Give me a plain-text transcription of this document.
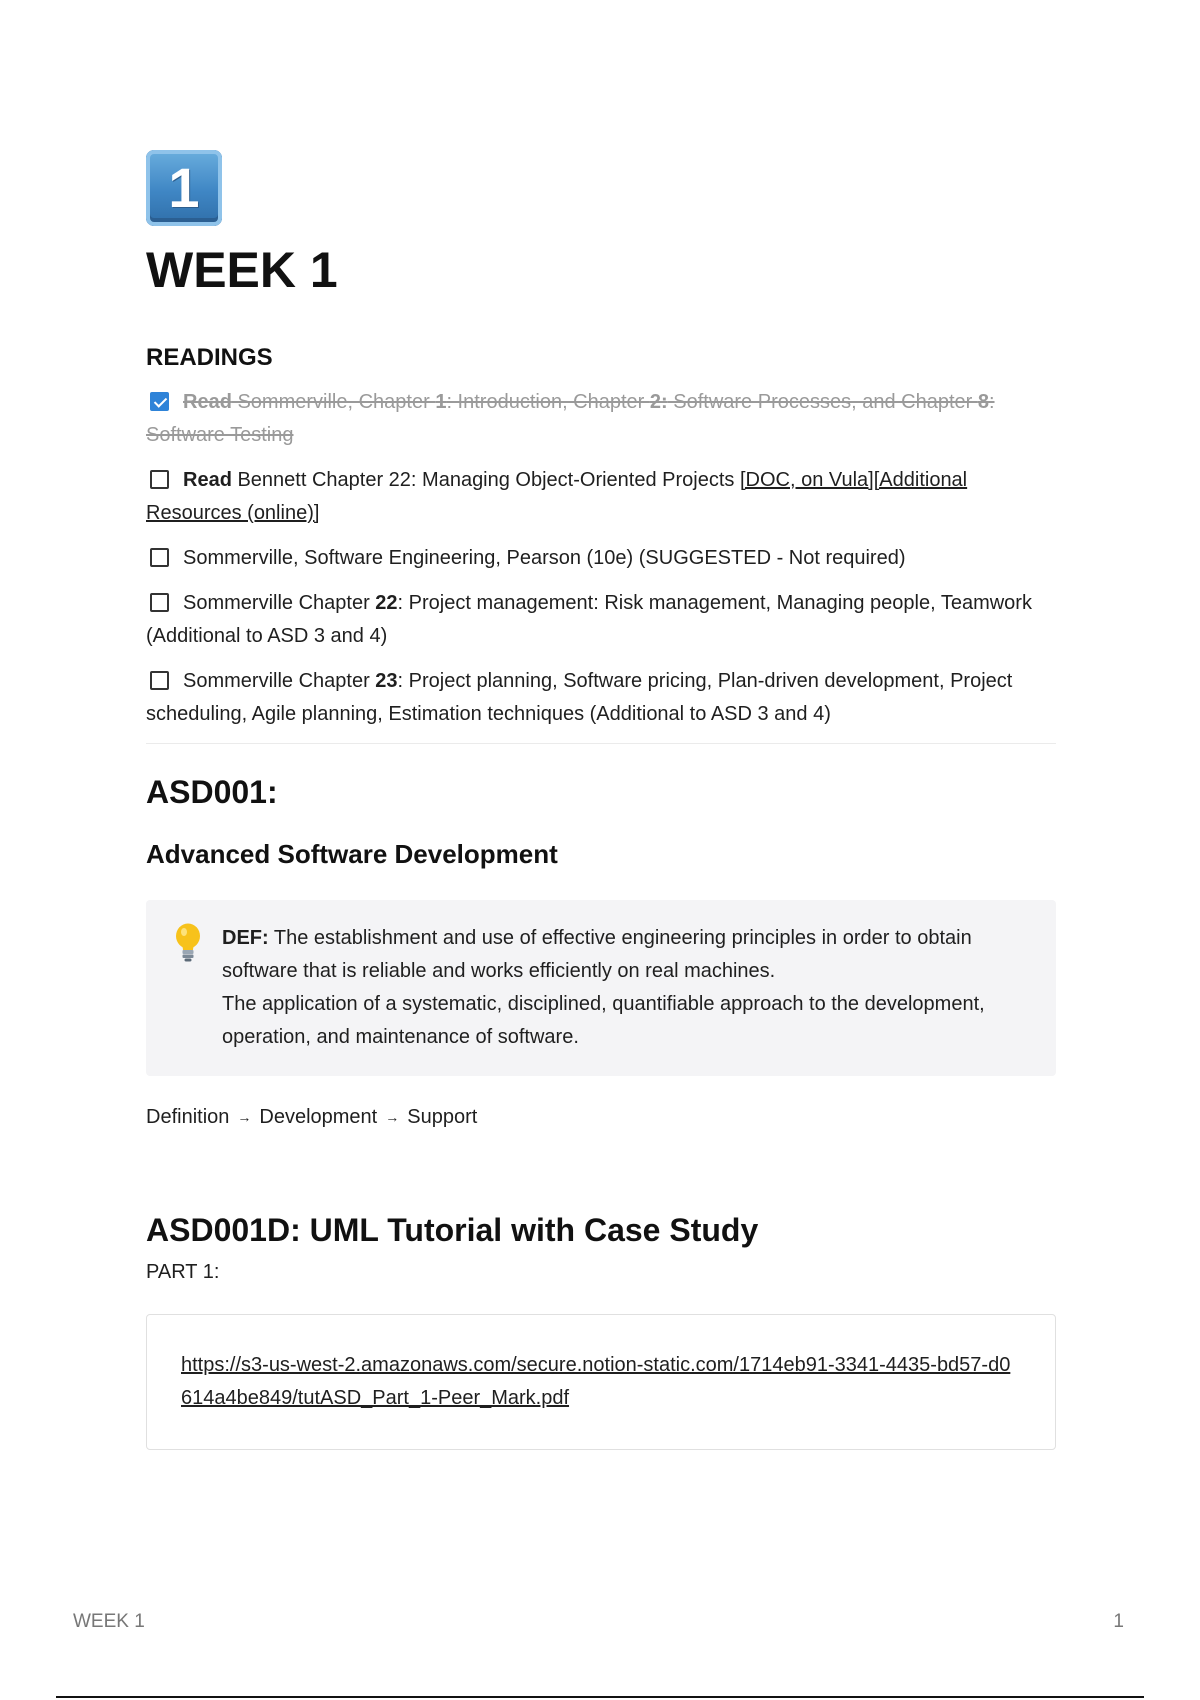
1
WEEK 1
READINGS
Read Sommerville, Chapter 1: Introduction, Chapter 2: Software Processes, and Chapter 8: Software Testing
Read Bennett Chapter 22: Managing Object-Oriented Projects [DOC, on Vula][Additional Resources (online)]
Sommerville, Software Engineering, Pearson (10e) (SUGGESTED - Not required)
Sommerville Chapter 22: Project management: Risk management, Managing people, Teamwork (Additional to ASD 3 and 4)
Sommerville Chapter 23: Project planning, Software pricing, Plan-driven development, Project scheduling, Agile planning, Estimation techniques (Additional to ASD 3 and 4)
ASD001:
Advanced Software Development
DEF: The establishment and use of effective engineering principles in order to obtain software that is reliable and works efficiently on real machines.
The application of a systematic, disciplined, quantifiable approach to the development, operation, and maintenance of software.
Definition → Development → Support
ASD001D: UML Tutorial with Case Study
PART 1:
https://s3-us-west-2.amazonaws.com/secure.notion-static.com/1714eb91-3341-4435-bd57-d0614a4be849/tutASD_Part_1-Peer_Mark.pdf
WEEK 1	1
